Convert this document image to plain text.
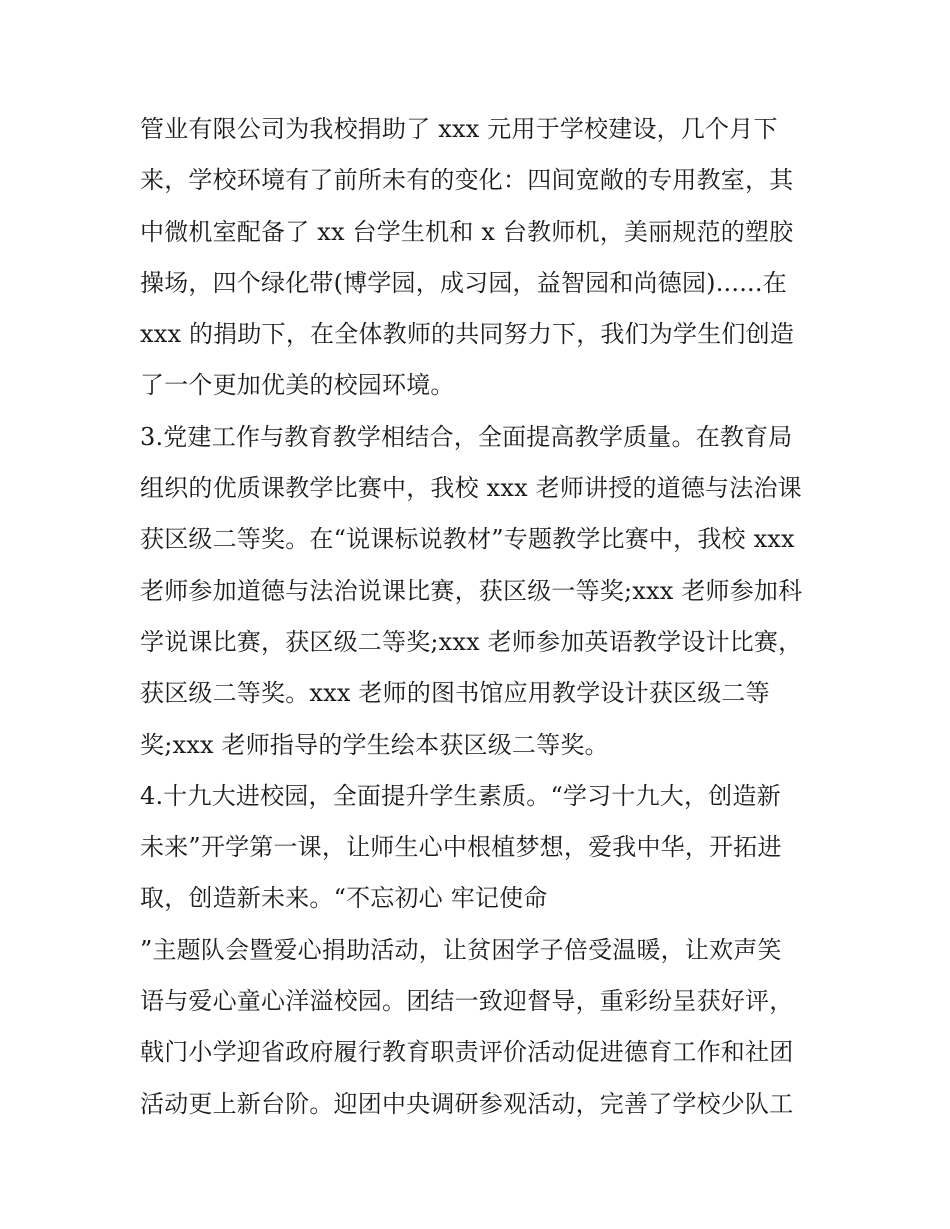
管业有限公司为我校捐助了 xxx 元用于学校建设，几个月下
来，学校环境有了前所未有的变化：四间宽敞的专用教室，其
中微机室配备了 xx 台学生机和 x 台教师机，美丽规范的塑胶
操场，四个绿化带(博学园，成习园，益智园和尚德园)......在
xxx 的捐助下，在全体教师的共同努力下，我们为学生们创造
了一个更加优美的校园环境。
3.党建工作与教育教学相结合，全面提高教学质量。在教育局
组织的优质课教学比赛中，我校 xxx 老师讲授的道德与法治课
获区级二等奖。在“说课标说教材”专题教学比赛中，我校 xxx
老师参加道德与法治说课比赛，获区级一等奖;xxx 老师参加科
学说课比赛，获区级二等奖;xxx 老师参加英语教学设计比赛，
获区级二等奖。xxx 老师的图书馆应用教学设计获区级二等
奖;xxx 老师指导的学生绘本获区级二等奖。
4.十九大进校园，全面提升学生素质。“学习十九大，创造新
未来”开学第一课，让师生心中根植梦想，爱我中华，开拓进
取，创造新未来。“不忘初心 牢记使命
”主题队会暨爱心捐助活动，让贫困学子倍受温暖，让欢声笑
语与爱心童心洋溢校园。团结一致迎督导，重彩纷呈获好评，
戟门小学迎省政府履行教育职责评价活动促进德育工作和社团
活动更上新台阶。迎团中央调研参观活动，完善了学校少队工
